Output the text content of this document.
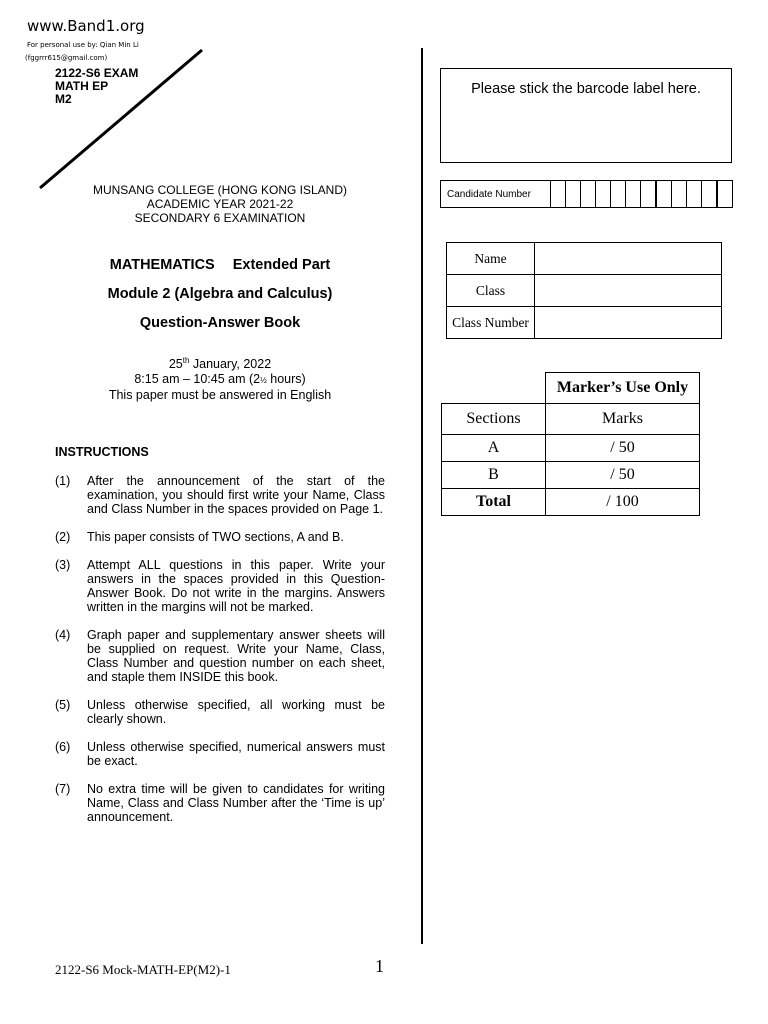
www.Band1.org
For personal use by: Qian Min Li
(fggrrr615@gmail.com)
2122-S6 EXAM
MATH EP
M2
MUNSANG COLLEGE (HONG KONG ISLAND)
ACADEMIC YEAR 2021-22
SECONDARY 6 EXAMINATION
MATHEMATICS Extended Part
Module 2 (Algebra and Calculus)
Question-Answer Book
25th January, 2022
8:15 am – 10:45 am (2½ hours)
This paper must be answered in English
INSTRUCTIONS
(1)	After the announcement of the start of the examination, you should first write your Name, Class and Class Number in the spaces provided on Page 1.
(2)	This paper consists of TWO sections, A and B.
(3)	Attempt ALL questions in this paper. Write your answers in the spaces provided in this Question-Answer Book. Do not write in the margins. Answers written in the margins will not be marked.
(4)	Graph paper and supplementary answer sheets will be supplied on request. Write your Name, Class, Class Number and question number on each sheet, and staple them INSIDE this book.
(5)	Unless otherwise specified, all working must be clearly shown.
(6)	Unless otherwise specified, numerical answers must be exact.
(7)	No extra time will be given to candidates for writing Name, Class and Class Number after the ‘Time is up’ announcement.
Please stick the barcode label here.
Candidate Number
Name	
Class	
Class Number	
	Marker’s Use Only
Sections	Marks
A	/ 50
B	/ 50
Total	/ 100
2122-S6 Mock-MATH-EP(M2)-1	1
